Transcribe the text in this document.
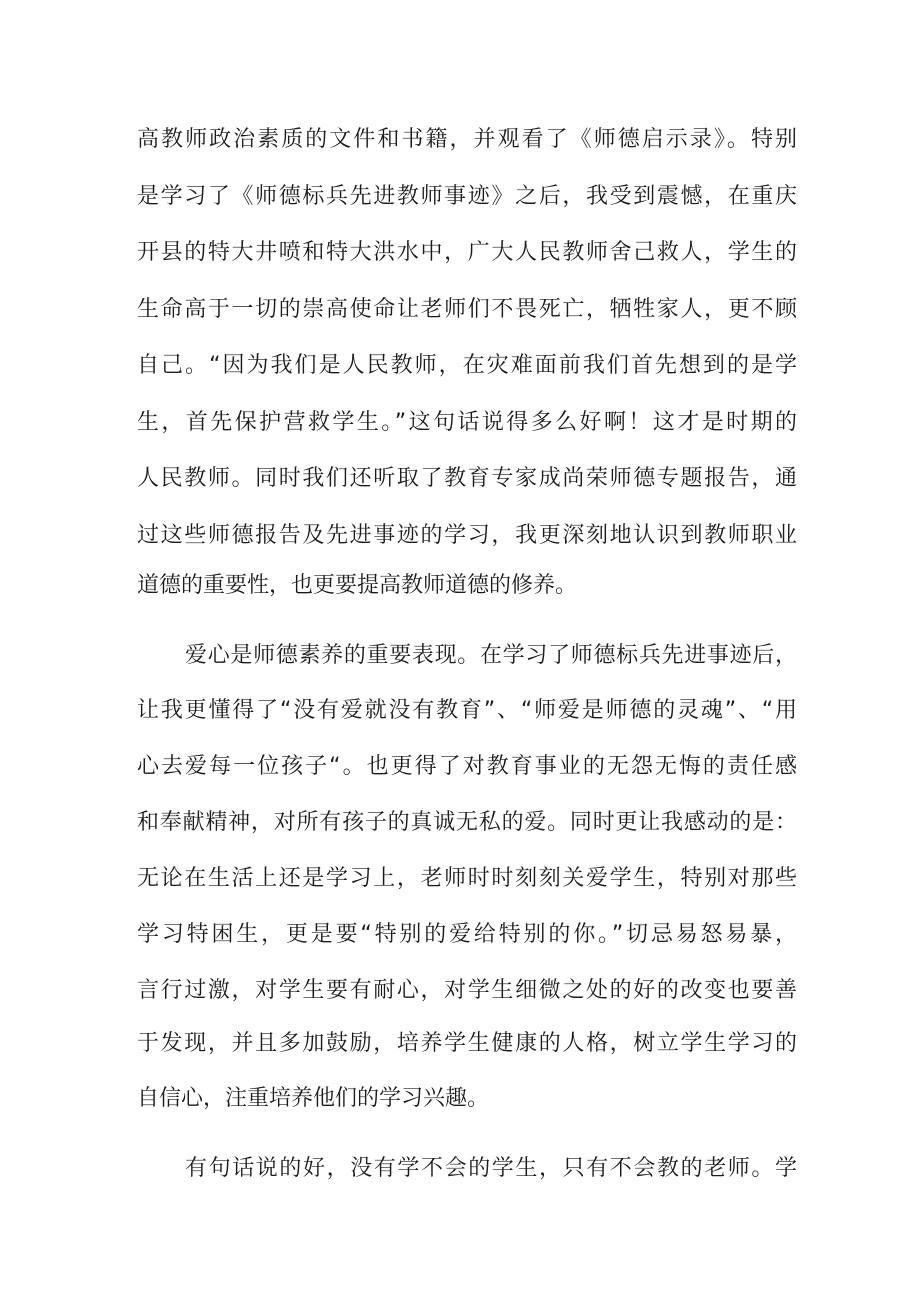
高教师政治素质的文件和书籍，并观看了《师德启示录》。特别
是学习了《师德标兵先进教师事迹》之后，我受到震憾，在重庆
开县的特大井喷和特大洪水中，广大人民教师舍己救人，学生的
生命高于一切的崇高使命让老师们不畏死亡，牺牲家人，更不顾
自己。“因为我们是人民教师，在灾难面前我们首先想到的是学
生，首先保护营救学生。”这句话说得多么好啊！这才是时期的
人民教师。同时我们还听取了教育专家成尚荣师德专题报告，通
过这些师德报告及先进事迹的学习，我更深刻地认识到教师职业
道德的重要性，也更要提高教师道德的修养。
爱心是师德素养的重要表现。在学习了师德标兵先进事迹后，
让我更懂得了“没有爱就没有教育”、“师爱是师德的灵魂”、“用
心去爱每一位孩子“。也更得了对教育事业的无怨无悔的责任感
和奉献精神，对所有孩子的真诚无私的爱。同时更让我感动的是：
无论在生活上还是学习上，老师时时刻刻关爱学生，特别对那些
学习特困生，更是要“特别的爱给特别的你。”切忌易怒易暴，
言行过激，对学生要有耐心，对学生细微之处的好的改变也要善
于发现，并且多加鼓励，培养学生健康的人格，树立学生学习的
自信心，注重培养他们的学习兴趣。
有句话说的好，没有学不会的学生，只有不会教的老师。学
